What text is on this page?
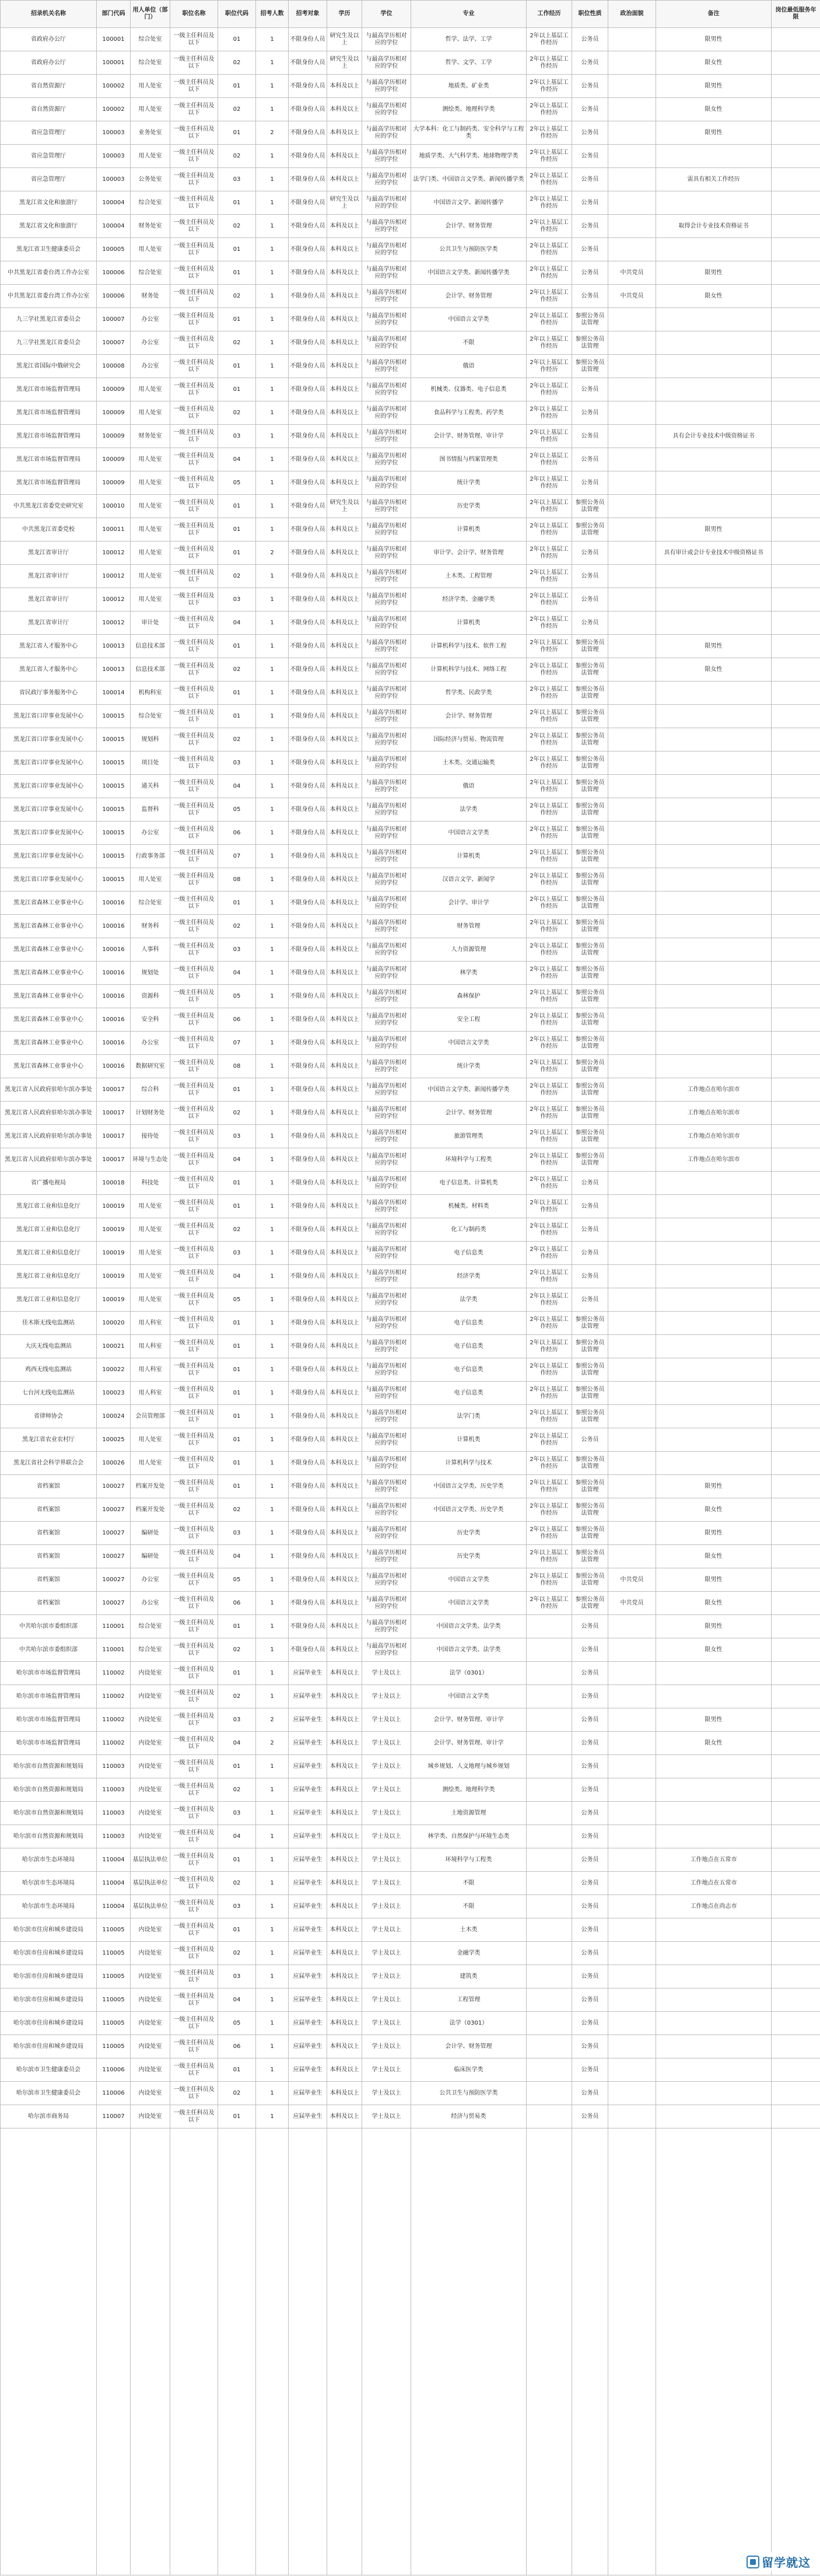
招录机关名称	部门代码	用人单位（部门）	职位名称	职位代码	招考人数	招考对象	学历	学位	专业	工作经历	职位性质	政治面貌	备注	岗位最低服务年限
省政府办公厅	100001	综合处室	一级主任科员及以下	01	1	不限身份人员	研究生及以上	与最高学历相对应的学位	哲学、法学、工学	2年以上基层工作经历	公务员		限男性	
省政府办公厅	100001	综合处室	一级主任科员及以下	02	1	不限身份人员	研究生及以上	与最高学历相对应的学位	哲学、文学、工学	2年以上基层工作经历	公务员		限女性	
省自然资源厅	100002	用人处室	一级主任科员及以下	01	1	不限身份人员	本科及以上	与最高学历相对应的学位	地质类、矿业类	2年以上基层工作经历	公务员		限男性	
省自然资源厅	100002	用人处室	一级主任科员及以下	02	1	不限身份人员	本科及以上	与最高学历相对应的学位	测绘类、地理科学类	2年以上基层工作经历	公务员		限女性	
省应急管理厅	100003	业务处室	一级主任科员及以下	01	2	不限身份人员	本科及以上	与最高学历相对应的学位	大学本科：化工与制药类、安全科学与工程类	2年以上基层工作经历	公务员		限男性	
省应急管理厅	100003	用人处室	一级主任科员及以下	02	1	不限身份人员	本科及以上	与最高学历相对应的学位	地质学类、大气科学类、地球物理学类	2年以上基层工作经历	公务员			
省应急管理厅	100003	公务处室	一级主任科员及以下	03	1	不限身份人员	本科及以上	与最高学历相对应的学位	法学门类、中国语言文学类、新闻传播学类	2年以上基层工作经历	公务员		需具有相关工作经历	
黑龙江省文化和旅游厅	100004	综合处室	一级主任科员及以下	01	1	不限身份人员	研究生及以上	与最高学历相对应的学位	中国语言文学、新闻传播学	2年以上基层工作经历	公务员			
黑龙江省文化和旅游厅	100004	财务处室	一级主任科员及以下	02	1	不限身份人员	本科及以上	与最高学历相对应的学位	会计学、财务管理	2年以上基层工作经历	公务员		取得会计专业技术资格证书	
黑龙江省卫生健康委员会	100005	用人处室	一级主任科员及以下	01	1	不限身份人员	本科及以上	与最高学历相对应的学位	公共卫生与预防医学类	2年以上基层工作经历	公务员			
中共黑龙江省委台湾工作办公室	100006	综合处室	一级主任科员及以下	01	1	不限身份人员	本科及以上	与最高学历相对应的学位	中国语言文学类、新闻传播学类	2年以上基层工作经历	公务员	中共党员	限男性	
中共黑龙江省委台湾工作办公室	100006	财务处	一级主任科员及以下	02	1	不限身份人员	本科及以上	与最高学历相对应的学位	会计学、财务管理	2年以上基层工作经历	公务员	中共党员	限女性	
九三学社黑龙江省委员会	100007	办公室	一级主任科员及以下	01	1	不限身份人员	本科及以上	与最高学历相对应的学位	中国语言文学类	2年以上基层工作经历	参照公务员法管理			
九三学社黑龙江省委员会	100007	办公室	一级主任科员及以下	02	1	不限身份人员	本科及以上	与最高学历相对应的学位	不限	2年以上基层工作经历	参照公务员法管理			
黑龙江省国际中俄研究会	100008	办公室	一级主任科员及以下	01	1	不限身份人员	本科及以上	与最高学历相对应的学位	俄语	2年以上基层工作经历	参照公务员法管理			
黑龙江省市场监督管理局	100009	用人处室	一级主任科员及以下	01	1	不限身份人员	本科及以上	与最高学历相对应的学位	机械类、仪器类、电子信息类	2年以上基层工作经历	公务员			
黑龙江省市场监督管理局	100009	用人处室	一级主任科员及以下	02	1	不限身份人员	本科及以上	与最高学历相对应的学位	食品科学与工程类、药学类	2年以上基层工作经历	公务员			
黑龙江省市场监督管理局	100009	财务处室	一级主任科员及以下	03	1	不限身份人员	本科及以上	与最高学历相对应的学位	会计学、财务管理、审计学	2年以上基层工作经历	公务员		具有会计专业技术中级资格证书	
黑龙江省市场监督管理局	100009	用人处室	一级主任科员及以下	04	1	不限身份人员	本科及以上	与最高学历相对应的学位	图书情报与档案管理类	2年以上基层工作经历	公务员			
黑龙江省市场监督管理局	100009	用人处室	一级主任科员及以下	05	1	不限身份人员	本科及以上	与最高学历相对应的学位	统计学类	2年以上基层工作经历	公务员			
中共黑龙江省委党史研究室	100010	用人处室	一级主任科员及以下	01	1	不限身份人员	研究生及以上	与最高学历相对应的学位	历史学类	2年以上基层工作经历	参照公务员法管理			
中共黑龙江省委党校	100011	用人处室	一级主任科员及以下	01	1	不限身份人员	本科及以上	与最高学历相对应的学位	计算机类	2年以上基层工作经历	参照公务员法管理		限男性	
黑龙江省审计厅	100012	用人处室	一级主任科员及以下	01	2	不限身份人员	本科及以上	与最高学历相对应的学位	审计学、会计学、财务管理	2年以上基层工作经历	公务员		具有审计或会计专业技术中级资格证书	
黑龙江省审计厅	100012	用人处室	一级主任科员及以下	02	1	不限身份人员	本科及以上	与最高学历相对应的学位	土木类、工程管理	2年以上基层工作经历	公务员			
黑龙江省审计厅	100012	用人处室	一级主任科员及以下	03	1	不限身份人员	本科及以上	与最高学历相对应的学位	经济学类、金融学类	2年以上基层工作经历	公务员			
黑龙江省审计厅	100012	审计处	一级主任科员及以下	04	1	不限身份人员	本科及以上	与最高学历相对应的学位	计算机类	2年以上基层工作经历	公务员			
黑龙江省人才服务中心	100013	信息技术部	一级主任科员及以下	01	1	不限身份人员	本科及以上	与最高学历相对应的学位	计算机科学与技术、软件工程	2年以上基层工作经历	参照公务员法管理		限男性	
黑龙江省人才服务中心	100013	信息技术部	一级主任科员及以下	02	1	不限身份人员	本科及以上	与最高学历相对应的学位	计算机科学与技术、网络工程	2年以上基层工作经历	参照公务员法管理		限女性	
省民政厅事务服务中心	100014	机构科室	一级主任科员及以下	01	1	不限身份人员	本科及以上	与最高学历相对应的学位	哲学类、民政学类	2年以上基层工作经历	参照公务员法管理			
黑龙江省口岸事业发展中心	100015	综合处室	一级主任科员及以下	01	1	不限身份人员	本科及以上	与最高学历相对应的学位	会计学、财务管理	2年以上基层工作经历	参照公务员法管理			
黑龙江省口岸事业发展中心	100015	规划科	一级主任科员及以下	02	1	不限身份人员	本科及以上	与最高学历相对应的学位	国际经济与贸易、物流管理	2年以上基层工作经历	参照公务员法管理			
黑龙江省口岸事业发展中心	100015	项目处	一级主任科员及以下	03	1	不限身份人员	本科及以上	与最高学历相对应的学位	土木类、交通运输类	2年以上基层工作经历	参照公务员法管理			
黑龙江省口岸事业发展中心	100015	通关科	一级主任科员及以下	04	1	不限身份人员	本科及以上	与最高学历相对应的学位	俄语	2年以上基层工作经历	参照公务员法管理			
黑龙江省口岸事业发展中心	100015	监督科	一级主任科员及以下	05	1	不限身份人员	本科及以上	与最高学历相对应的学位	法学类	2年以上基层工作经历	参照公务员法管理			
黑龙江省口岸事业发展中心	100015	办公室	一级主任科员及以下	06	1	不限身份人员	本科及以上	与最高学历相对应的学位	中国语言文学类	2年以上基层工作经历	参照公务员法管理			
黑龙江省口岸事业发展中心	100015	行政事务部	一级主任科员及以下	07	1	不限身份人员	本科及以上	与最高学历相对应的学位	计算机类	2年以上基层工作经历	参照公务员法管理			
黑龙江省口岸事业发展中心	100015	用人处室	一级主任科员及以下	08	1	不限身份人员	本科及以上	与最高学历相对应的学位	汉语言文学、新闻学	2年以上基层工作经历	参照公务员法管理			
黑龙江省森林工业事业中心	100016	综合处室	一级主任科员及以下	01	1	不限身份人员	本科及以上	与最高学历相对应的学位	会计学、审计学	2年以上基层工作经历	参照公务员法管理			
黑龙江省森林工业事业中心	100016	财务科	一级主任科员及以下	02	1	不限身份人员	本科及以上	与最高学历相对应的学位	财务管理	2年以上基层工作经历	参照公务员法管理			
黑龙江省森林工业事业中心	100016	人事科	一级主任科员及以下	03	1	不限身份人员	本科及以上	与最高学历相对应的学位	人力资源管理	2年以上基层工作经历	参照公务员法管理			
黑龙江省森林工业事业中心	100016	规划处	一级主任科员及以下	04	1	不限身份人员	本科及以上	与最高学历相对应的学位	林学类	2年以上基层工作经历	参照公务员法管理			
黑龙江省森林工业事业中心	100016	资源科	一级主任科员及以下	05	1	不限身份人员	本科及以上	与最高学历相对应的学位	森林保护	2年以上基层工作经历	参照公务员法管理			
黑龙江省森林工业事业中心	100016	安全科	一级主任科员及以下	06	1	不限身份人员	本科及以上	与最高学历相对应的学位	安全工程	2年以上基层工作经历	参照公务员法管理			
黑龙江省森林工业事业中心	100016	办公室	一级主任科员及以下	07	1	不限身份人员	本科及以上	与最高学历相对应的学位	中国语言文学类	2年以上基层工作经历	参照公务员法管理			
黑龙江省森林工业事业中心	100016	数据研究室	一级主任科员及以下	08	1	不限身份人员	本科及以上	与最高学历相对应的学位	统计学类	2年以上基层工作经历	参照公务员法管理			
黑龙江省人民政府驻哈尔滨办事处	100017	综合科	一级主任科员及以下	01	1	不限身份人员	本科及以上	与最高学历相对应的学位	中国语言文学类、新闻传播学类	2年以上基层工作经历	参照公务员法管理		工作地点在哈尔滨市	
黑龙江省人民政府驻哈尔滨办事处	100017	计划财务处	一级主任科员及以下	02	1	不限身份人员	本科及以上	与最高学历相对应的学位	会计学、财务管理	2年以上基层工作经历	参照公务员法管理		工作地点在哈尔滨市	
黑龙江省人民政府驻哈尔滨办事处	100017	接待处	一级主任科员及以下	03	1	不限身份人员	本科及以上	与最高学历相对应的学位	旅游管理类	2年以上基层工作经历	参照公务员法管理		工作地点在哈尔滨市	
黑龙江省人民政府驻哈尔滨办事处	100017	环境与生态处	一级主任科员及以下	04	1	不限身份人员	本科及以上	与最高学历相对应的学位	环境科学与工程类	2年以上基层工作经历	参照公务员法管理		工作地点在哈尔滨市	
省广播电视局	100018	科技处	一级主任科员及以下	01	1	不限身份人员	本科及以上	与最高学历相对应的学位	电子信息类、计算机类	2年以上基层工作经历	公务员			
黑龙江省工业和信息化厅	100019	用人处室	一级主任科员及以下	01	1	不限身份人员	本科及以上	与最高学历相对应的学位	机械类、材料类	2年以上基层工作经历	公务员			
黑龙江省工业和信息化厅	100019	用人处室	一级主任科员及以下	02	1	不限身份人员	本科及以上	与最高学历相对应的学位	化工与制药类	2年以上基层工作经历	公务员			
黑龙江省工业和信息化厅	100019	用人处室	一级主任科员及以下	03	1	不限身份人员	本科及以上	与最高学历相对应的学位	电子信息类	2年以上基层工作经历	公务员			
黑龙江省工业和信息化厅	100019	用人处室	一级主任科员及以下	04	1	不限身份人员	本科及以上	与最高学历相对应的学位	经济学类	2年以上基层工作经历	公务员			
黑龙江省工业和信息化厅	100019	用人处室	一级主任科员及以下	05	1	不限身份人员	本科及以上	与最高学历相对应的学位	法学类	2年以上基层工作经历	公务员			
佳木斯无线电监测站	100020	用人科室	一级主任科员及以下	01	1	不限身份人员	本科及以上	与最高学历相对应的学位	电子信息类	2年以上基层工作经历	参照公务员法管理			
大庆无线电监测站	100021	用人科室	一级主任科员及以下	01	1	不限身份人员	本科及以上	与最高学历相对应的学位	电子信息类	2年以上基层工作经历	参照公务员法管理			
鸡西无线电监测站	100022	用人科室	一级主任科员及以下	01	1	不限身份人员	本科及以上	与最高学历相对应的学位	电子信息类	2年以上基层工作经历	参照公务员法管理			
七台河无线电监测站	100023	用人科室	一级主任科员及以下	01	1	不限身份人员	本科及以上	与最高学历相对应的学位	电子信息类	2年以上基层工作经历	参照公务员法管理			
省律师协会	100024	会员管理部	一级主任科员及以下	01	1	不限身份人员	本科及以上	与最高学历相对应的学位	法学门类	2年以上基层工作经历	参照公务员法管理			
黑龙江省农业农村厅	100025	用人处室	一级主任科员及以下	01	1	不限身份人员	本科及以上	与最高学历相对应的学位	计算机类	2年以上基层工作经历	公务员			
黑龙江省社会科学界联合会	100026	用人处室	一级主任科员及以下	01	1	不限身份人员	本科及以上	与最高学历相对应的学位	计算机科学与技术	2年以上基层工作经历	参照公务员法管理			
省档案馆	100027	档案开发处	一级主任科员及以下	01	1	不限身份人员	本科及以上	与最高学历相对应的学位	中国语言文学类、历史学类	2年以上基层工作经历	参照公务员法管理		限男性	
省档案馆	100027	档案开发处	一级主任科员及以下	02	1	不限身份人员	本科及以上	与最高学历相对应的学位	中国语言文学类、历史学类	2年以上基层工作经历	参照公务员法管理		限女性	
省档案馆	100027	编研处	一级主任科员及以下	03	1	不限身份人员	本科及以上	与最高学历相对应的学位	历史学类	2年以上基层工作经历	参照公务员法管理		限男性	
省档案馆	100027	编研处	一级主任科员及以下	04	1	不限身份人员	本科及以上	与最高学历相对应的学位	历史学类	2年以上基层工作经历	参照公务员法管理		限女性	
省档案馆	100027	办公室	一级主任科员及以下	05	1	不限身份人员	本科及以上	与最高学历相对应的学位	中国语言文学类	2年以上基层工作经历	参照公务员法管理	中共党员	限男性	
省档案馆	100027	办公室	一级主任科员及以下	06	1	不限身份人员	本科及以上	与最高学历相对应的学位	中国语言文学类	2年以上基层工作经历	参照公务员法管理	中共党员	限女性	
中共哈尔滨市委组织部	110001	综合处室	一级主任科员及以下	01	1	不限身份人员	本科及以上	与最高学历相对应的学位	中国语言文学类、法学类		公务员		限男性	
中共哈尔滨市委组织部	110001	综合处室	一级主任科员及以下	02	1	不限身份人员	本科及以上	与最高学历相对应的学位	中国语言文学类、法学类		公务员		限女性	
哈尔滨市市场监督管理局	110002	内设处室	一级主任科员及以下	01	1	应届毕业生	本科及以上	学士及以上	法学（0301）		公务员			
哈尔滨市市场监督管理局	110002	内设处室	一级主任科员及以下	02	1	应届毕业生	本科及以上	学士及以上	中国语言文学类		公务员			
哈尔滨市市场监督管理局	110002	内设处室	一级主任科员及以下	03	2	应届毕业生	本科及以上	学士及以上	会计学、财务管理、审计学		公务员		限男性	
哈尔滨市市场监督管理局	110002	内设处室	一级主任科员及以下	04	2	应届毕业生	本科及以上	学士及以上	会计学、财务管理、审计学		公务员		限女性	
哈尔滨市自然资源和规划局	110003	内设处室	一级主任科员及以下	01	1	应届毕业生	本科及以上	学士及以上	城乡规划、人文地理与城乡规划		公务员			
哈尔滨市自然资源和规划局	110003	内设处室	一级主任科员及以下	02	1	应届毕业生	本科及以上	学士及以上	测绘类、地理科学类		公务员			
哈尔滨市自然资源和规划局	110003	内设处室	一级主任科员及以下	03	1	应届毕业生	本科及以上	学士及以上	土地资源管理		公务员			
哈尔滨市自然资源和规划局	110003	内设处室	一级主任科员及以下	04	1	应届毕业生	本科及以上	学士及以上	林学类、自然保护与环境生态类		公务员			
哈尔滨市生态环境局	110004	基层执法单位	一级主任科员及以下	01	1	应届毕业生	本科及以上	学士及以上	环境科学与工程类		公务员		工作地点在五常市	
哈尔滨市生态环境局	110004	基层执法单位	一级主任科员及以下	02	1	应届毕业生	本科及以上	学士及以上	不限		公务员		工作地点在五常市	
哈尔滨市生态环境局	110004	基层执法单位	一级主任科员及以下	03	1	应届毕业生	本科及以上	学士及以上	不限		公务员		工作地点在尚志市	
哈尔滨市住房和城乡建设局	110005	内设处室	一级主任科员及以下	01	1	应届毕业生	本科及以上	学士及以上	土木类		公务员			
哈尔滨市住房和城乡建设局	110005	内设处室	一级主任科员及以下	02	1	应届毕业生	本科及以上	学士及以上	金融学类		公务员			
哈尔滨市住房和城乡建设局	110005	内设处室	一级主任科员及以下	03	1	应届毕业生	本科及以上	学士及以上	建筑类		公务员			
哈尔滨市住房和城乡建设局	110005	内设处室	一级主任科员及以下	04	1	应届毕业生	本科及以上	学士及以上	工程管理		公务员			
哈尔滨市住房和城乡建设局	110005	内设处室	一级主任科员及以下	05	1	应届毕业生	本科及以上	学士及以上	法学（0301）		公务员			
哈尔滨市住房和城乡建设局	110005	内设处室	一级主任科员及以下	06	1	应届毕业生	本科及以上	学士及以上	会计学、财务管理		公务员			
哈尔滨市卫生健康委员会	110006	内设处室	一级主任科员及以下	01	1	应届毕业生	本科及以上	学士及以上	临床医学类		公务员			
哈尔滨市卫生健康委员会	110006	内设处室	一级主任科员及以下	02	1	应届毕业生	本科及以上	学士及以上	公共卫生与预防医学类		公务员			
哈尔滨市商务局	110007	内设处室	一级主任科员及以下	01	1	应届毕业生	本科及以上	学士及以上	经济与贸易类		公务员			

留学就这
